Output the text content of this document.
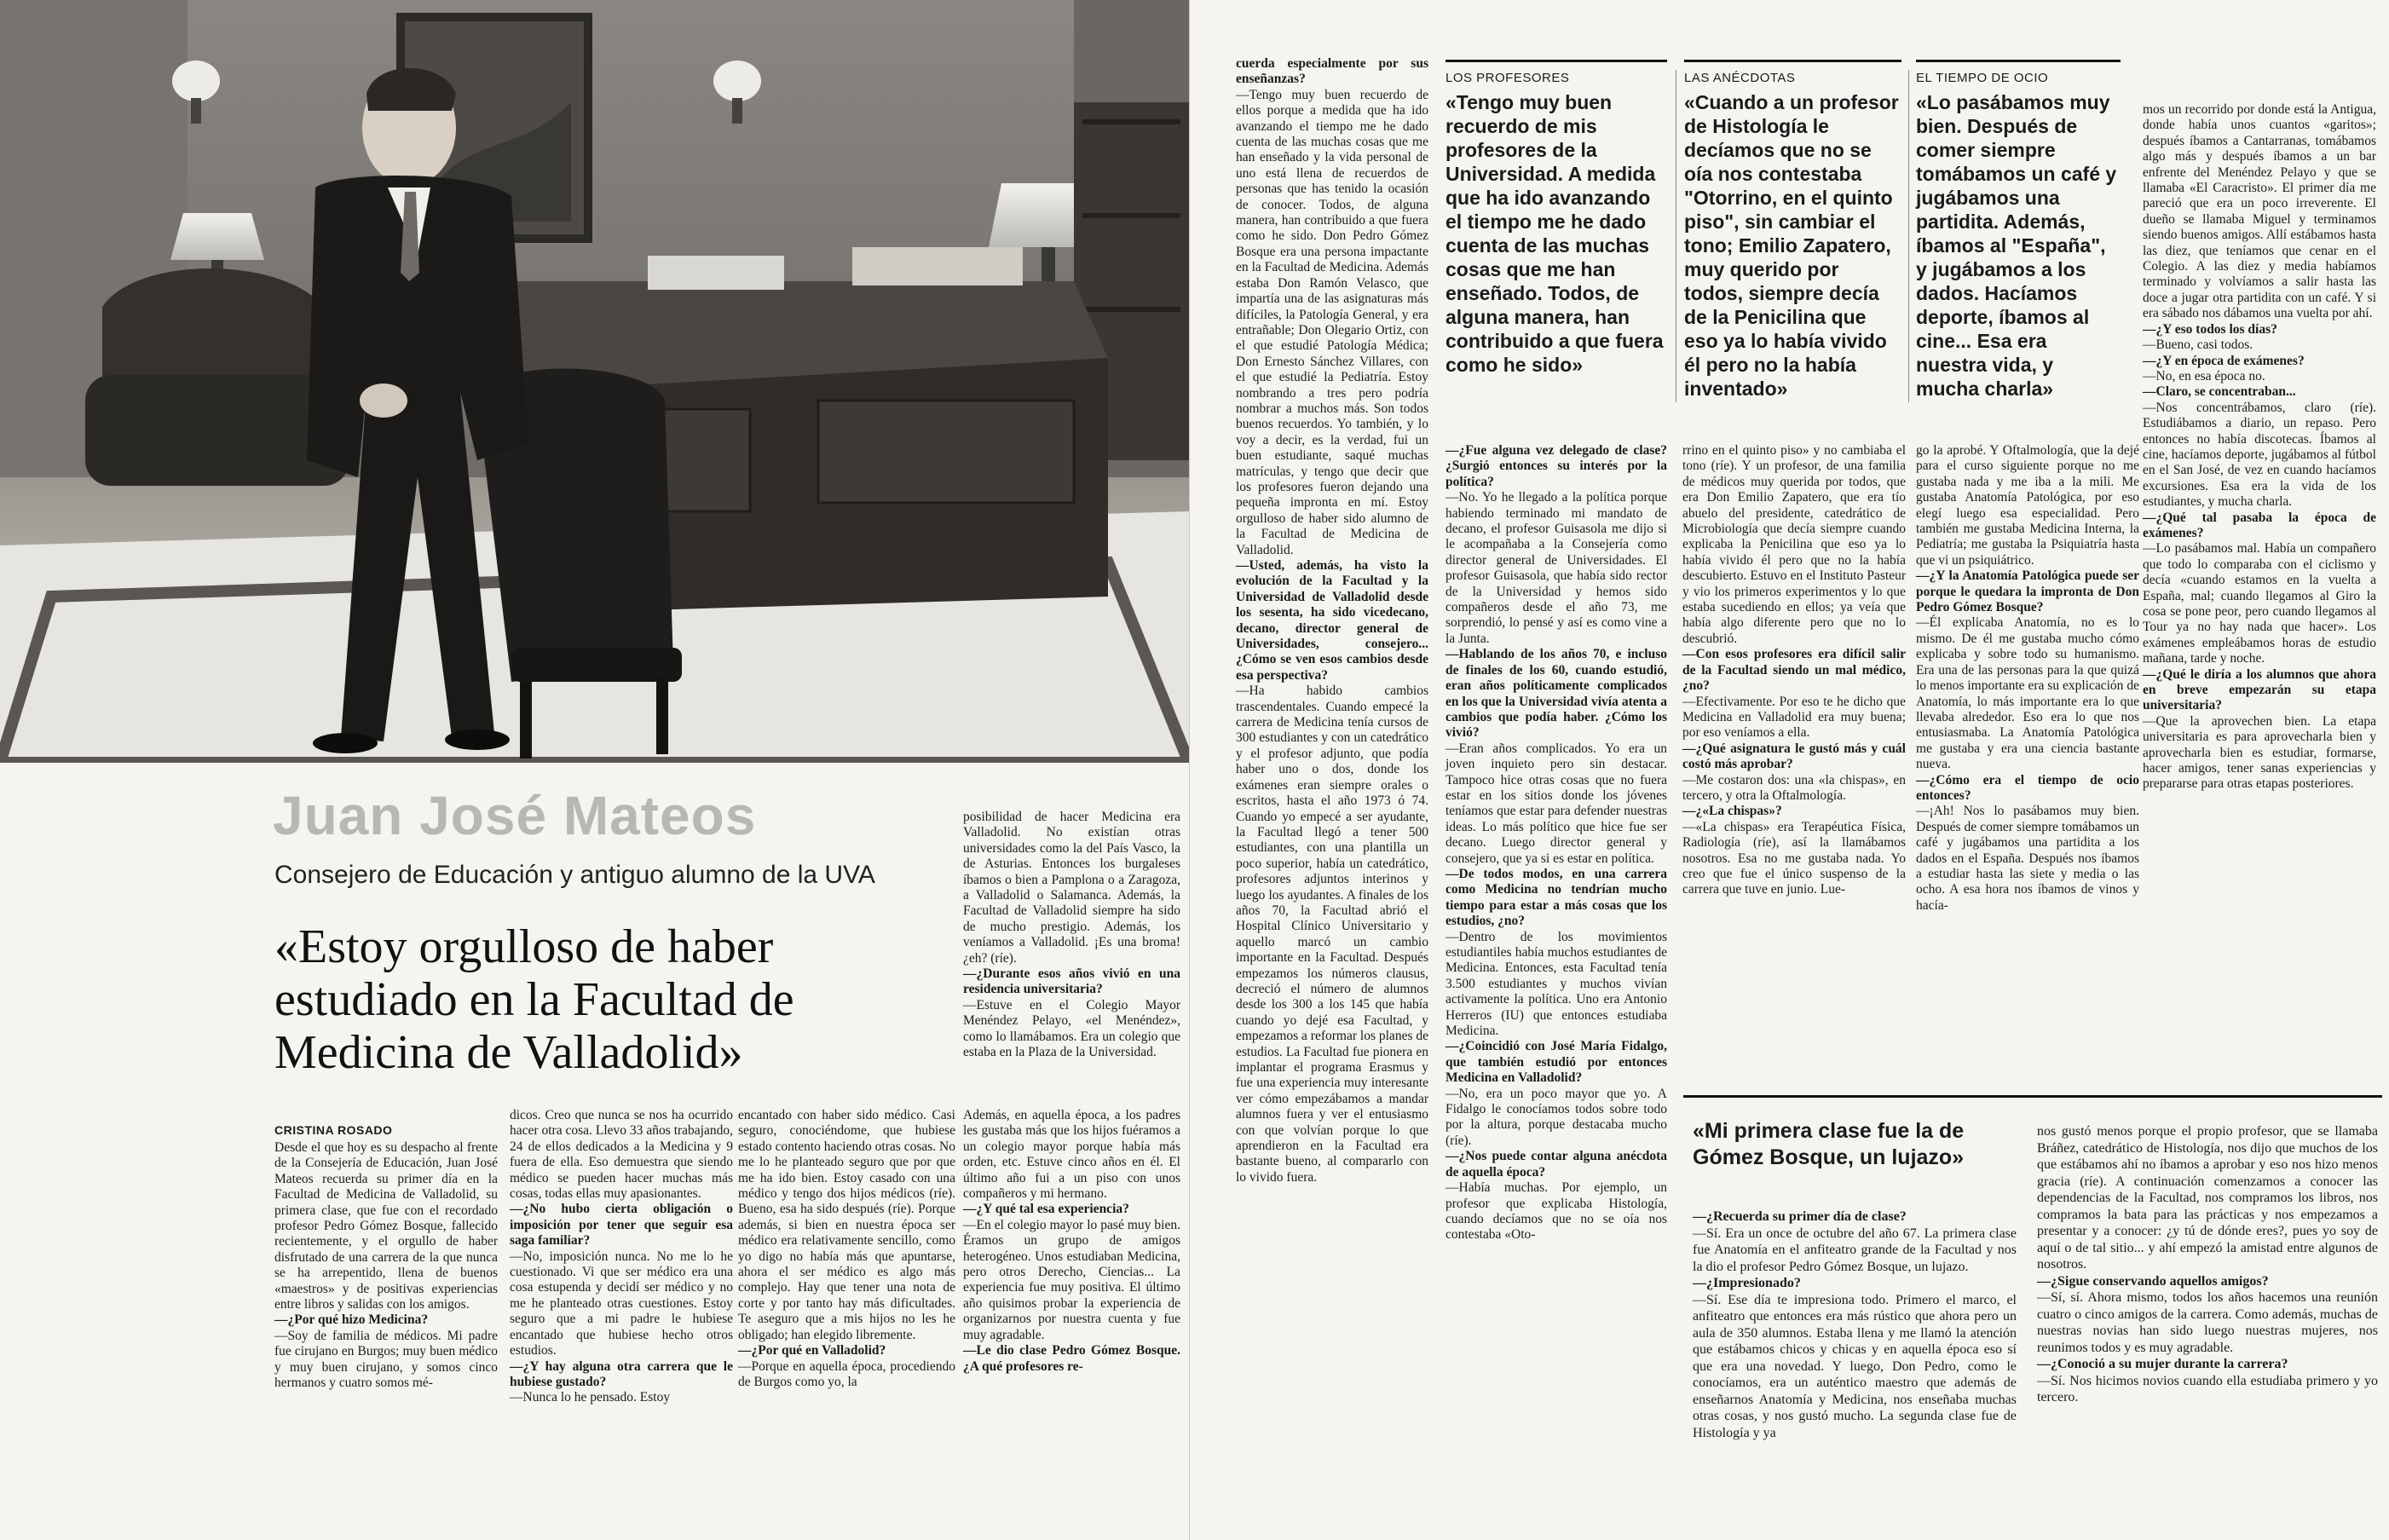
Juan José Mateos
Consejero de Educación y antiguo alumno de la UVA
«Estoy orgulloso de haber estudiado en la Facultad de Medicina de Valladolid»
CRISTINA ROSADO

Desde el que hoy es su despacho al frente de la Consejería de Educación, Juan José Mateos recuerda su primer día en la Facultad de Medicina de Valladolid, su primera clase, que fue con el recordado profesor Pedro Gómez Bosque, fallecido recientemente, y el orgullo de haber disfrutado de una carrera de la que nunca se ha arrepentido, llena de buenos «maestros» y de positivas experiencias entre libros y salidas con los amigos.

—¿Por qué hizo Medicina?

—Soy de familia de médicos. Mi padre fue cirujano en Burgos; muy buen médico y muy buen cirujano, y somos cinco hermanos y cuatro somos mé-

dicos. Creo que nunca se nos ha ocurrido hacer otra cosa. Llevo 33 años trabajando, 24 de ellos dedicados a la Medicina y 9 fuera de ella. Eso demuestra que siendo médico se pueden hacer muchas más cosas, todas ellas muy apasionantes.

—¿No hubo cierta obligación o imposición por tener que seguir esa saga familiar?

—No, imposición nunca. No me lo he cuestionado. Vi que ser médico era una cosa estupenda y decidí ser médico y no me he planteado otras cuestiones. Estoy seguro que a mi padre le hubiese encantado que hubiese hecho otros estudios.

—¿Y hay alguna otra carrera que le hubiese gustado?

—Nunca lo he pensado. Estoy

posibilidad de hacer Medicina era Valladolid. No existían otras universidades como la del País Vasco, la de Asturias. Entonces los burgaleses íbamos o bien a Pamplona o a Zaragoza, a Valladolid o Salamanca. Además, la Facultad de Valladolid siempre ha sido de mucho prestigio. Además, los veníamos a Valladolid. ¡Es una broma! ¿eh? (ríe).

—¿Durante esos años vivió en una residencia universitaria?

—Estuve en el Colegio Mayor Menéndez Pelayo, «el Menéndez», como lo llamábamos. Era un colegio que estaba en la Plaza de la Universidad.

encantado con haber sido médico. Casi seguro, conociéndome, que hubiese estado contento haciendo otras cosas. No me lo he planteado seguro que por que me ha ido bien. Estoy casado con una médico y tengo dos hijos médicos (ríe). Bueno, esa ha sido después (ríe). Porque además, si bien en nuestra época ser médico era relativamente sencillo, como yo digo no había más que apuntarse, ahora el ser médico es algo más complejo. Hay que tener una nota de corte y por tanto hay más dificultades. Te aseguro que a mis hijos no les he obligado; han elegido libremente.

—¿Por qué en Valladolid?

—Porque en aquella época, procediendo de Burgos como yo, la

Además, en aquella época, a los padres les gustaba más que los hijos fuéramos a un colegio mayor porque había más orden, etc. Estuve cinco años en él. El último año fui a un piso con unos compañeros y mi hermano.

—¿Y qué tal esa experiencia?

—En el colegio mayor lo pasé muy bien. Éramos un grupo de amigos heterogéneo. Unos estudiaban Medicina, pero otros Derecho, Ciencias... La experiencia fue muy positiva. El último año quisimos probar la experiencia de organizarnos por nuestra cuenta y fue muy agradable.

—Le dio clase Pedro Gómez Bosque. ¿A qué profesores re-

cuerda especialmente por sus enseñanzas?

—Tengo muy buen recuerdo de ellos porque a medida que ha ido avanzando el tiempo me he dado cuenta de las muchas cosas que me han enseñado y la vida personal de uno está llena de recuerdos de personas que has tenido la ocasión de conocer. Todos, de alguna manera, han contribuido a que fuera como he sido. Don Pedro Gómez Bosque era una persona impactante en la Facultad de Medicina. Además estaba Don Ramón Velasco, que impartía una de las asignaturas más difíciles, la Patología General, y era entrañable; Don Olegario Ortiz, con el que estudié Patología Médica; Don Ernesto Sánchez Villares, con el que estudié la Pediatría. Estoy nombrando a tres pero podría nombrar a muchos más. Son todos buenos recuerdos. Yo también, y lo voy a decir, es la verdad, fui un buen estudiante, saqué muchas matrículas, y tengo que decir que los profesores fueron dejando una pequeña impronta en mí. Estoy orgulloso de haber sido alumno de la Facultad de Medicina de Valladolid.

—Usted, además, ha visto la evolución de la Facultad y la Universidad de Valladolid desde los sesenta, ha sido vicedecano, decano, director general de Universidades, consejero... ¿Cómo se ven esos cambios desde esa perspectiva?

—Ha habido cambios trascendentales. Cuando empecé la carrera de Medicina tenía cursos de 300 estudiantes y con un catedrático y el profesor adjunto, que podía haber uno o dos, donde los exámenes eran siempre orales o escritos, hasta el año 1973 ó 74. Cuando yo empecé a ser ayudante, la Facultad llegó a tener 500 estudiantes, con una plantilla un poco superior, había un catedrático, profesores adjuntos interinos y luego los ayudantes. A finales de los años 70, la Facultad abrió el Hospital Clínico Universitario y aquello marcó un cambio importante en la Facultad. Después empezamos los números clausus, decreció el número de alumnos desde los 300 a los 145 que había cuando yo dejé esa Facultad, y empezamos a reformar los planes de estudios. La Facultad fue pionera en implantar el programa Erasmus y fue una experiencia muy interesante ver cómo empezábamos a mandar alumnos fuera y ver el entusiasmo con que volvían porque lo que aprendieron en la Facultad era bastante bueno, al compararlo con lo vivido fuera.

LOS PROFESORES
«Tengo muy buen recuerdo de mis profesores de la Universidad. A medida que ha ido avanzando el tiempo me he dado cuenta de las muchas cosas que me han enseñado. Todos, de alguna manera, han contribuido a que fuera como he sido»
LAS ANÉCDOTAS
«Cuando a un profesor de Histología le decíamos que no se oía nos contestaba "Otorrino, en el quinto piso", sin cambiar el tono; Emilio Zapatero, muy querido por todos, siempre decía de la Penicilina que eso ya lo había vivido él pero no la había inventado»
EL TIEMPO DE OCIO
«Lo pasábamos muy bien. Después de comer siempre tomábamos un café y jugábamos una partidita. Además, íbamos al "España", y jugábamos a los dados. Hacíamos deporte, íbamos al cine... Esa era nuestra vida, y mucha charla»

—¿Fue alguna vez delegado de clase? ¿Surgió entonces su interés por la política?

—No. Yo he llegado a la política porque habiendo terminado mi mandato de decano, el profesor Guisasola me dijo si le acompañaba a la Consejería como director general de Universidades. El profesor Guisasola, que había sido rector de la Universidad y hemos sido compañeros desde el año 73, me sorprendió, lo pensé y así es como vine a la Junta.

—Hablando de los años 70, e incluso de finales de los 60, cuando estudió, eran años políticamente complicados en los que la Universidad vivía atenta a cambios que podía haber. ¿Cómo los vivió?

—Eran años complicados. Yo era un joven inquieto pero sin destacar. Tampoco hice otras cosas que no fuera estar en los sitios donde los jóvenes teníamos que estar para defender nuestras ideas. Lo más político que hice fue ser decano. Luego director general y consejero, que ya si es estar en política.

—De todos modos, en una carrera como Medicina no tendrían mucho tiempo para estar a más cosas que los estudios, ¿no?

—Dentro de los movimientos estudiantiles había muchos estudiantes de Medicina. Entonces, esta Facultad tenía 3.500 estudiantes y muchos vivían activamente la política. Uno era Antonio Herreros (IU) que entonces estudiaba Medicina.

—¿Coincidió con José María Fidalgo, que también estudió por entonces Medicina en Valladolid?

—No, era un poco mayor que yo. A Fidalgo le conocíamos todos sobre todo por la altura, porque destacaba mucho (ríe).

—¿Nos puede contar alguna anécdota de aquella época?

—Había muchas. Por ejemplo, un profesor que explicaba Histología, cuando decíamos que no se oía nos contestaba «Oto-

rrino en el quinto piso» y no cambiaba el tono (ríe). Y un profesor, de una familia de médicos muy querida por todos, que era Don Emilio Zapatero, que era tío abuelo del presidente, catedrático de Microbiología que decía siempre cuando explicaba la Penicilina que eso ya lo había vivido él pero que no la había descubierto. Estuvo en el Instituto Pasteur y vio los primeros experimentos y lo que estaba sucediendo en ellos; ya veía que había algo diferente pero que no lo descubrió.

—Con esos profesores era difícil salir de la Facultad siendo un mal médico, ¿no?

—Efectivamente. Por eso te he dicho que Medicina en Valladolid era muy buena; por eso veníamos a ella.

—¿Qué asignatura le gustó más y cuál costó más aprobar?

—Me costaron dos: una «la chispas», en tercero, y otra la Oftalmología.

—¿«La chispas»?

—«La chispas» era Terapéutica Física, Radiología (ríe), así la llamábamos nosotros. Esa no me gustaba nada. Yo creo que fue el único suspenso de la carrera que tuve en junio. Lue-

go la aprobé. Y Oftalmología, que la dejé para el curso siguiente porque no me gustaba nada y me iba a la mili. Me gustaba Anatomía Patológica, por eso elegí luego esa especialidad. Pero también me gustaba Medicina Interna, la Pediatría; me gustaba la Psiquiatría hasta que vi un psiquiátrico.

—¿Y la Anatomía Patológica puede ser porque le quedara la impronta de Don Pedro Gómez Bosque?

—Él explicaba Anatomía, no es lo mismo. De él me gustaba mucho cómo explicaba y sobre todo su humanismo. Era una de las personas para la que quizá lo menos importante era su explicación de Anatomía, lo más importante era lo que llevaba alrededor. Eso era lo que nos entusiasmaba. La Anatomía Patológica me gustaba y era una ciencia bastante nueva.

—¿Cómo era el tiempo de ocio entonces?

—¡Ah! Nos lo pasábamos muy bien. Después de comer siempre tomábamos un café y jugábamos una partidita a los dados en el España. Después nos íbamos a estudiar hasta las siete y media o las ocho. A esa hora nos íbamos de vinos y hacía-

mos un recorrido por donde está la Antigua, donde había unos cuantos «garitos»; después íbamos a Cantarranas, tomábamos algo más y después íbamos a un bar enfrente del Menéndez Pelayo y que se llamaba «El Caracristo». El primer día me pareció que era un poco irreverente. El dueño se llamaba Miguel y terminamos siendo buenos amigos. Allí estábamos hasta las diez, que teníamos que cenar en el Colegio. A las diez y media habíamos terminado y volvíamos a salir hasta las doce a jugar otra partidita con un café. Y si era sábado nos dábamos una vuelta por ahí.

—¿Y eso todos los días?

—Bueno, casi todos.

—¿Y en época de exámenes?

—No, en esa época no.

—Claro, se concentraban...

—Nos concentrábamos, claro (ríe). Estudiábamos a diario, un repaso. Pero entonces no había discotecas. Íbamos al cine, hacíamos deporte, jugábamos al fútbol en el San José, de vez en cuando hacíamos excursiones. Esa era la vida de los estudiantes, y mucha charla.

—¿Qué tal pasaba la época de exámenes?

—Lo pasábamos mal. Había un compañero que todo lo comparaba con el ciclismo y decía «cuando estamos en la vuelta a España, mal; cuando llegamos al Giro la cosa se pone peor, pero cuando llegamos al Tour ya no hay nada que hacer». Los exámenes empleábamos horas de estudio mañana, tarde y noche.

—¿Qué le diría a los alumnos que ahora en breve empezarán su etapa universitaria?

—Que la aprovechen bien. La etapa universitaria es para aprovecharla bien y aprovecharla bien es estudiar, formarse, hacer amigos, tener sanas experiencias y prepararse para otras etapas posteriores.

«Mi primera clase fue la de Gómez Bosque, un lujazo»

—¿Recuerda su primer día de clase?

—Sí. Era un once de octubre del año 67. La primera clase fue Anatomía en el anfiteatro grande de la Facultad y nos la dio el profesor Pedro Gómez Bosque, un lujazo.

—¿Impresionado?

—Sí. Ese día te impresiona todo. Primero el marco, el anfiteatro que entonces era más rústico que ahora pero un aula de 350 alumnos. Estaba llena y me llamó la atención que estábamos chicos y chicas y en aquella época eso sí que era una novedad. Y luego, Don Pedro, como le conocíamos, era un auténtico maestro que además de enseñarnos Anatomía y Medicina, nos enseñaba muchas otras cosas, y nos gustó mucho. La segunda clase fue de Histología y ya

nos gustó menos porque el propio profesor, que se llamaba Bráñez, catedrático de Histología, nos dijo que muchos de los que estábamos ahí no íbamos a aprobar y eso nos hizo menos gracia (ríe). A continuación comenzamos a conocer las dependencias de la Facultad, nos compramos los libros, nos compramos la bata para las prácticas y nos empezamos a presentar y a conocer: ¿y tú de dónde eres?, pues yo soy de aquí o de tal sitio... y ahí empezó la amistad entre algunos de nosotros.

—¿Sigue conservando aquellos amigos?

—Sí, sí. Ahora mismo, todos los años hacemos una reunión cuatro o cinco amigos de la carrera. Como además, muchas de nuestras novias han sido luego nuestras mujeres, nos reunimos todos y es muy agradable.

—¿Conoció a su mujer durante la carrera?

—Sí. Nos hicimos novios cuando ella estudiaba primero y yo tercero.
